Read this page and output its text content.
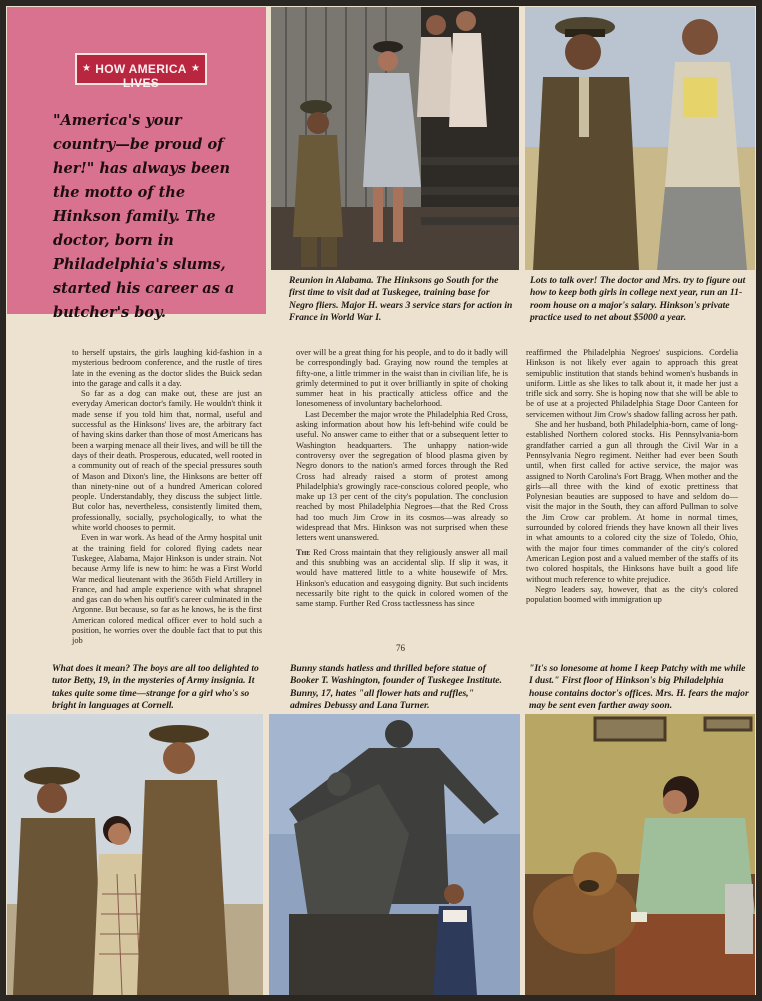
★ HOW AMERICA LIVES
★
"America's your country—be proud of her!" has always been the motto of the Hinkson family. The doctor, born in Philadelphia's slums, started his career as a butcher's boy.

Reunion in Alabama. The Hinksons go South for the first time to visit dad at Tuskegee, training base for Negro fliers. Major H. wears 3 service stars for action in France in World War I.

Lots to talk over! The doctor and Mrs. try to figure out how to keep both girls in college next year, run an 11-room house on a major's salary. Hinkson's private practice used to net about $5000 a year.

to herself upstairs, the girls laughing kid-fashion in a mysterious bedroom conference, and the rustle of tires late in the evening as the doctor slides the Buick sedan into the garage and calls it a day.

So far as a dog can make out, these are just an everyday American doctor's family. He wouldn't think it made sense if you told him that, normal, useful and successful as the Hinksons' lives are, the arbitrary fact of having skins darker than those of most Americans has been a warping menace all their lives, and will be till the days of their death. Prosperous, educated, well rooted in a community out of reach of the special pressures south of Mason and Dixon's line, the Hinksons are better off than ninety-nine out of a hundred American colored people. Understandably, they discuss the subject little. But color has, nevertheless, consistently limited them, professionally, socially, psychologically, to what the white world chooses to permit.

Even in war work. As head of the Army hospital unit at the training field for colored flying cadets near Tuskegee, Alabama, Major Hinkson is under strain. Not because Army life is new to him: he was a First World War medical lieutenant with the 365th Field Artillery in France, and had ample experience with what shrapnel and gas can do when his outfit's career culminated in the Argonne. But because, so far as he knows, he is the first American colored medical officer ever to hold such a position, he worries over the double fact that to put this job

over will be a great thing for his people, and to do it badly will be correspondingly bad. Graying now round the temples at fifty-one, a little trimmer in the waist than in civilian life, he is grimly determined to put it over brilliantly in spite of choking summer heat in his practically atticless office and the lonesomeness of involuntary bachelorhood.

Last December the major wrote the Philadelphia Red Cross, asking information about how his left-behind wife could be useful. No answer came to either that or a subsequent letter to Washington headquarters. The unhappy nation-wide controversy over the segregation of blood plasma given by Negro donors to the nation's armed forces through the Red Cross had already raised a storm of protest among Philadelphia's growingly race-conscious colored people, who make up 13 per cent of the city's population. The conclusion reached by most Philadelphia Negroes—that the Red Cross had too much Jim Crow in its cosmos—was already so widespread that Mrs. Hinkson was not surprised when these letters went unanswered.

The Red Cross maintain that they religiously answer all mail and this snubbing was an accidental slip. If slip it was, it would have mattered little to a white housewife of Mrs. Hinkson's education and easygoing dignity. But such incidents necessarily bite right to the quick in colored women of the same stamp. Further Red Cross tactlessness has since

reaffirmed the Philadelphia Negroes' suspicions. Cordelia Hinkson is not likely ever again to approach this great semipublic institution that stands behind women's husbands in uniform. Little as she likes to talk about it, it made her just a trifle sick and sorry. She is hoping now that she will be able to be of use at a projected Philadelphia Stage Door Canteen for servicemen without Jim Crow's shadow falling across her path.

She and her husband, both Philadelphia-born, came of long-established Northern colored stocks. His Pennsylvania-born grandfather carried a gun all through the Civil War in a Pennsylvania Negro regiment. Neither had ever been South until, when first called for active service, the major was assigned to North Carolina's Fort Bragg. When mother and the girls—all three with the kind of exotic prettiness that Polynesian beauties are supposed to have and seldom do—visit the major in the South, they can afford Pullman to solve the Jim Crow car problem. At home in normal times, surrounded by colored friends they have known all their lives in what amounts to a colored city the size of Toledo, Ohio, with the major four times commander of the city's colored American Legion post and a valued member of the staffs of its two colored hospitals, the Hinksons have built a good life without much reference to white prejudice.

Negro leaders say, however, that as the city's colored population boomed with immigration up

76

What does it mean? The boys are all too delighted to tutor Betty, 19, in the mysteries of Army insignia. It takes quite some time—strange for a girl who's so bright in languages at Cornell.

Bunny stands hatless and thrilled before statue of Booker T. Washington, founder of Tuskegee Institute. Bunny, 17, hates "all flower hats and ruffles," admires Debussy and Lana Turner.

"It's so lonesome at home I keep Patchy with me while I dust." First floor of Hinkson's big Philadelphia house contains doctor's offices. Mrs. H. fears the major may be sent even farther away soon.
